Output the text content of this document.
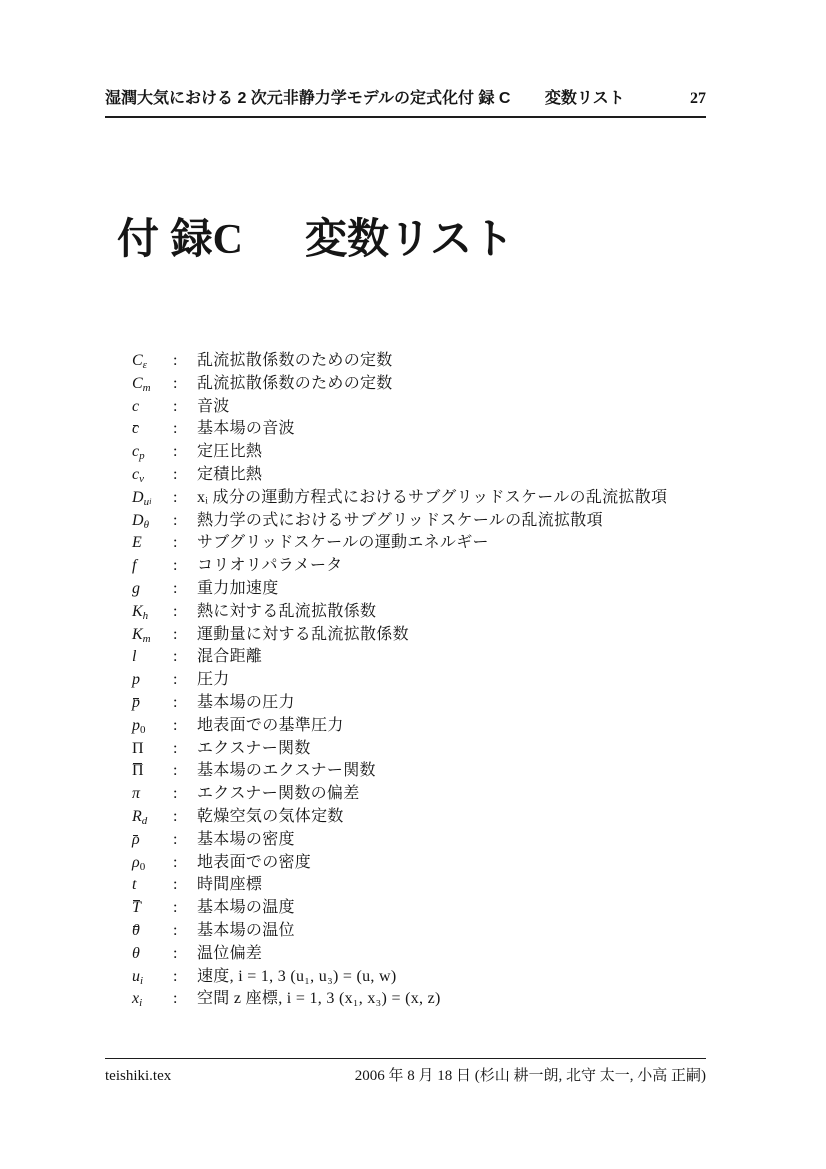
湿潤大気における 2 次元非静力学モデルの定式化付 録 C 変数リスト	27
付 録C 変数リスト
$C_\varepsilon$	:	乱流拡散係数のための定数
$C_m$	:	乱流拡散係数のための定数
c	:	音波
c	:	基本場の音波
$c_p$	:	定圧比熱
$c_v$	:	定積比熱
$D_ui$	:	xᵢ 成分の運動方程式におけるサブグリッドスケールの乱流拡散項
$D_\theta$	:	熱力学の式におけるサブグリッドスケールの乱流拡散項
E	:	サブグリッドスケールの運動エネルギー
f	:	コリオリパラメータ
g	:	重力加速度
$K_h$	:	熱に対する乱流拡散係数
$K_m$	:	運動量に対する乱流拡散係数
l	:	混合距離
p	:	圧力
p	:	基本場の圧力
$p_0$	:	地表面での基準圧力
Π	:	エクスナー関数
Π	:	基本場のエクスナー関数
π	:	エクスナー関数の偏差
$R_d$	:	乾燥空気の気体定数
ρ	:	基本場の密度
$\rho_0$	:	地表面での密度
t	:	時間座標
T	:	基本場の温度
θ	:	基本場の温位
θ	:	温位偏差
$u_i$	:	速度, i = 1, 3 (u₁, u₃) = (u, w)
$x_i$	:	空間 z 座標, i = 1, 3 (x₁, x₃) = (x, z)
teishiki.tex	2006 年 8 月 18 日 (杉山 耕一朗, 北守 太一, 小高 正嗣)
